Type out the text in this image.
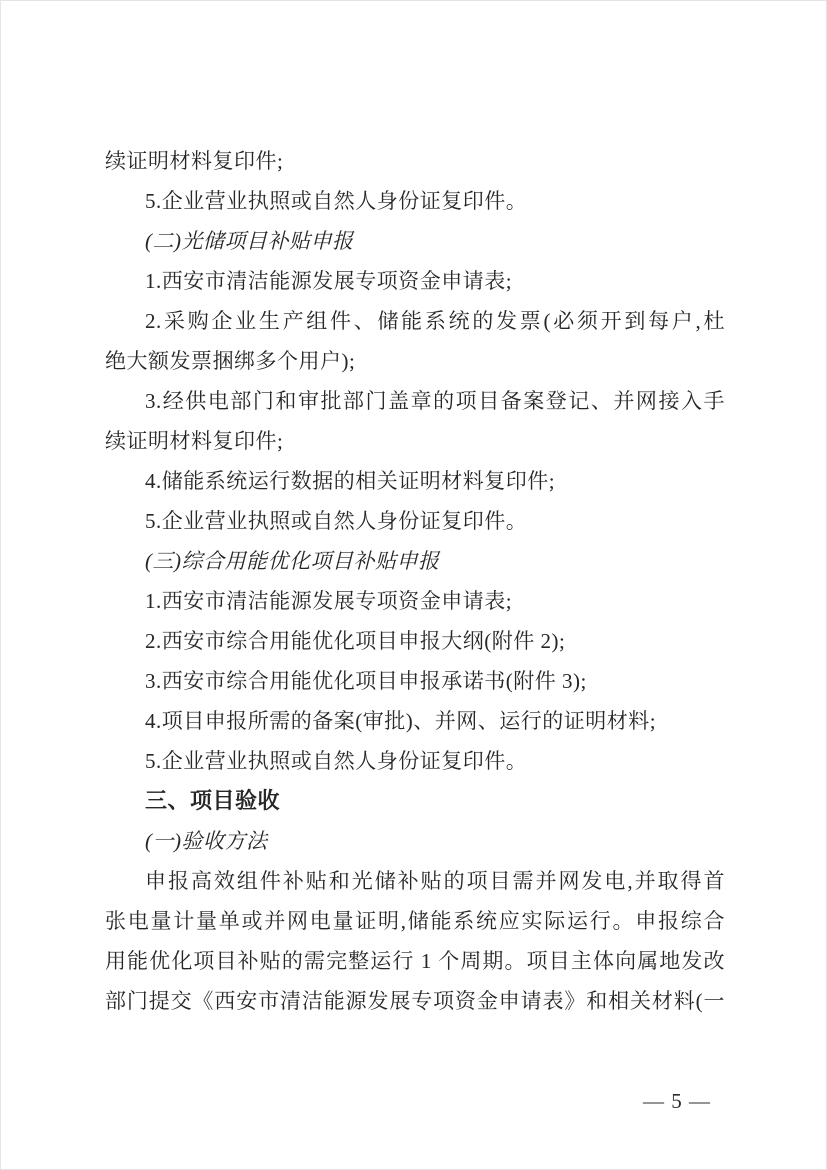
续证明材料复印件;
5.企业营业执照或自然人身份证复印件。
(二)光储项目补贴申报
1.西安市清洁能源发展专项资金申请表;
2.采购企业生产组件、储能系统的发票(必须开到每户,杜
绝大额发票捆绑多个用户);
3.经供电部门和审批部门盖章的项目备案登记、并网接入手
续证明材料复印件;
4.储能系统运行数据的相关证明材料复印件;
5.企业营业执照或自然人身份证复印件。
(三)综合用能优化项目补贴申报
1.西安市清洁能源发展专项资金申请表;
2.西安市综合用能优化项目申报大纲(附件 2);
3.西安市综合用能优化项目申报承诺书(附件 3);
4.项目申报所需的备案(审批)、并网、运行的证明材料;
5.企业营业执照或自然人身份证复印件。
三、项目验收
(一)验收方法
申报高效组件补贴和光储补贴的项目需并网发电,并取得首
张电量计量单或并网电量证明,储能系统应实际运行。申报综合
用能优化项目补贴的需完整运行 1 个周期。项目主体向属地发改
部门提交《西安市清洁能源发展专项资金申请表》和相关材料(一
— 5 —
